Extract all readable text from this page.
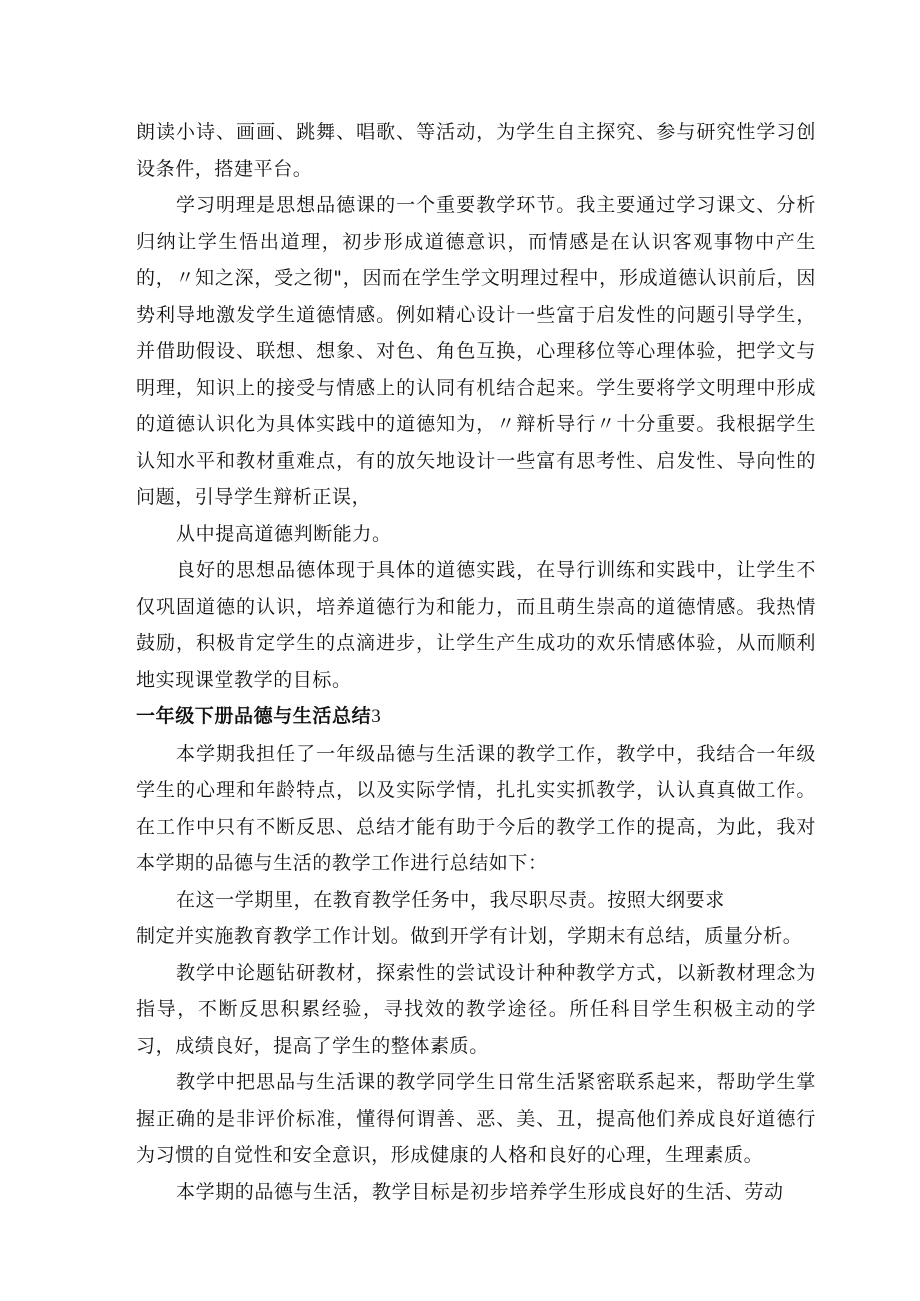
朗读小诗、画画、跳舞、唱歌、等活动，为学生自主探究、参与研究性学习创设条件，搭建平台。

学习明理是思想品德课的一个重要教学环节。我主要通过学习课文、分析归纳让学生悟出道理，初步形成道德意识，而情感是在认识客观事物中产生的，〃知之深，受之彻"，因而在学生学文明理过程中，形成道德认识前后，因势利导地激发学生道德情感。例如精心设计一些富于启发性的问题引导学生，并借助假设、联想、想象、对色、角色互换，心理移位等心理体验，把学文与明理，知识上的接受与情感上的认同有机结合起来。学生要将学文明理中形成的道德认识化为具体实践中的道德知为，〃辩析导行〃十分重要。我根据学生认知水平和教材重难点，有的放矢地设计一些富有思考性、启发性、导向性的问题，引导学生辩析正误，

从中提高道德判断能力。

良好的思想品德体现于具体的道德实践，在导行训练和实践中，让学生不仅巩固道德的认识，培养道德行为和能力，而且萌生崇高的道德情感。我热情鼓励，积极肯定学生的点滴进步，让学生产生成功的欢乐情感体验，从而顺利地实现课堂教学的目标。

一年级下册品德与生活总结3

本学期我担任了一年级品德与生活课的教学工作，教学中，我结合一年级学生的心理和年龄特点，以及实际学情，扎扎实实抓教学，认认真真做工作。在工作中只有不断反思、总结才能有助于今后的教学工作的提高，为此，我对本学期的品德与生活的教学工作进行总结如下：

在这一学期里，在教育教学任务中，我尽职尽责。按照大纲要求

制定并实施教育教学工作计划。做到开学有计划，学期末有总结，质量分析。

教学中论题钻研教材，探索性的尝试设计种种教学方式，以新教材理念为指导，不断反思积累经验，寻找效的教学途径。所任科目学生积极主动的学习，成绩良好，提高了学生的整体素质。

教学中把思品与生活课的教学同学生日常生活紧密联系起来，帮助学生掌握正确的是非评价标准，懂得何谓善、恶、美、丑，提高他们养成良好道德行为习惯的自觉性和安全意识，形成健康的人格和良好的心理，生理素质。

本学期的品德与生活，教学目标是初步培养学生形成良好的生活、劳动
